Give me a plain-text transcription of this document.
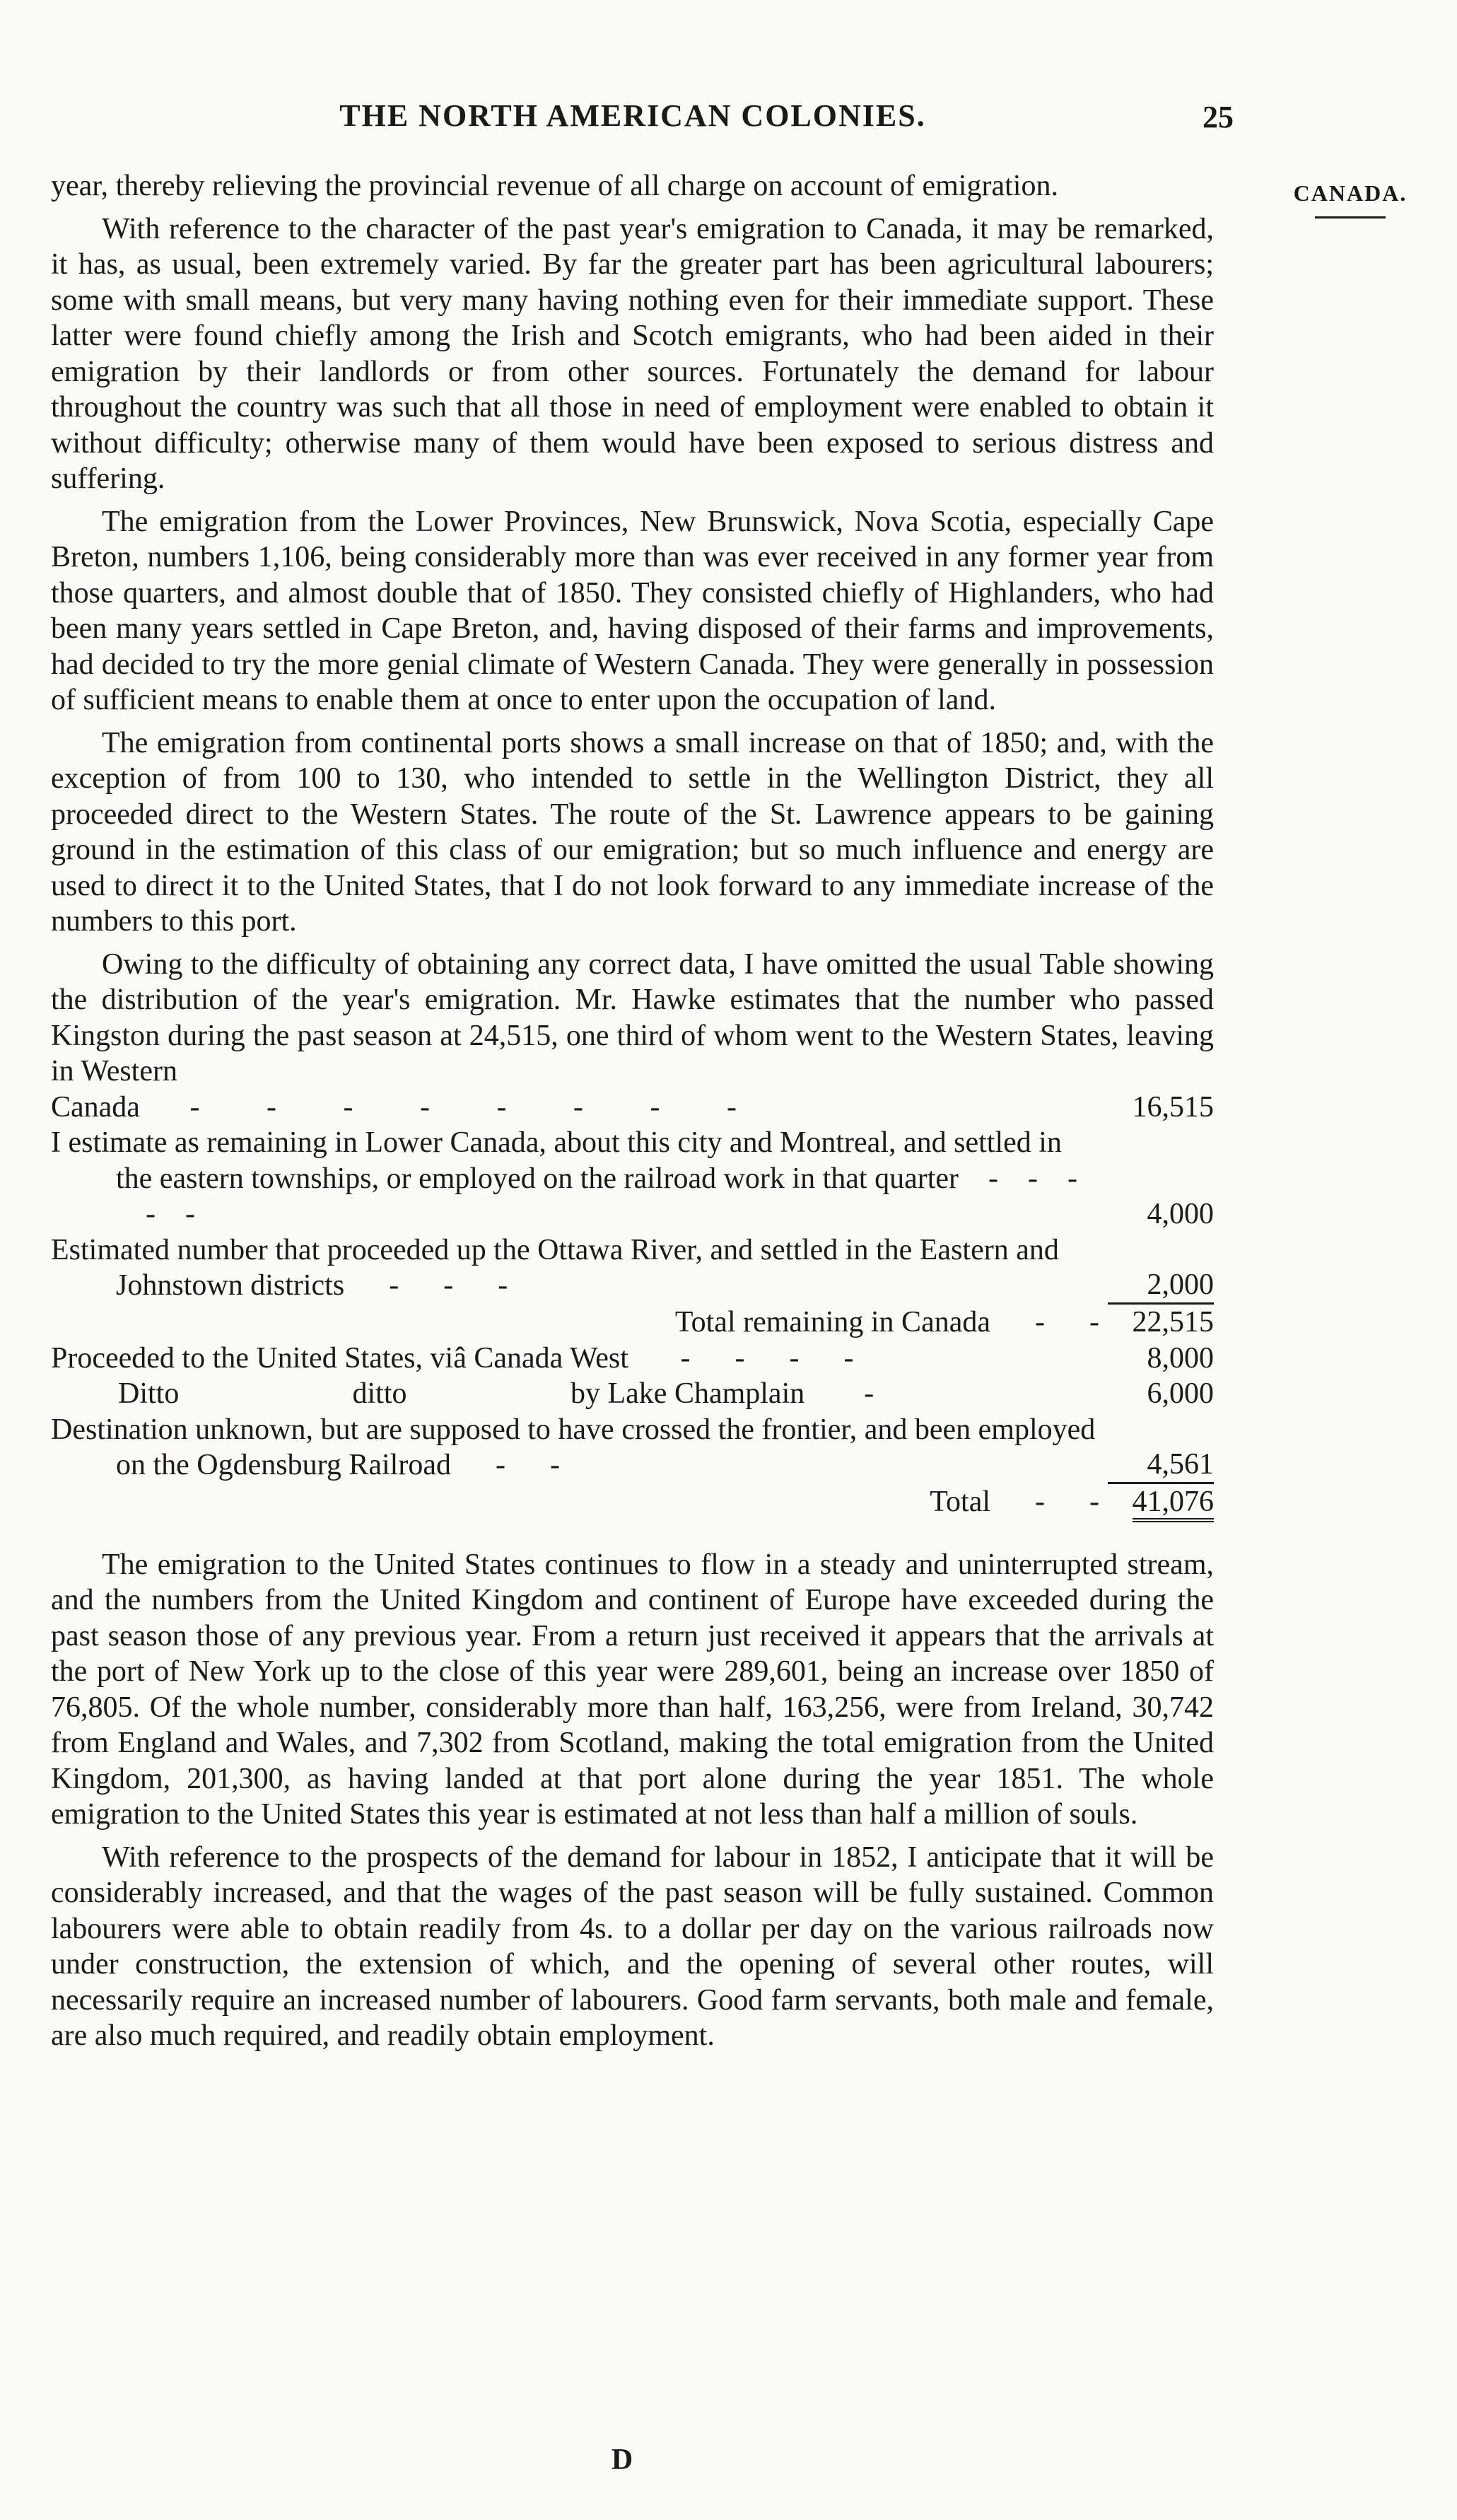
THE NORTH AMERICAN COLONIES.	25
CANADA.

year, thereby relieving the provincial revenue of all charge on account of emigration.

With reference to the character of the past year's emigration to Canada, it may be remarked, it has, as usual, been extremely varied. By far the greater part has been agricultural labourers; some with small means, but very many having nothing even for their immediate support. These latter were found chiefly among the Irish and Scotch emigrants, who had been aided in their emigration by their landlords or from other sources. Fortunately the demand for labour throughout the country was such that all those in need of employment were enabled to obtain it without difficulty; otherwise many of them would have been exposed to serious distress and suffering.

The emigration from the Lower Provinces, New Brunswick, Nova Scotia, especially Cape Breton, numbers 1,106, being considerably more than was ever received in any former year from those quarters, and almost double that of 1850. They consisted chiefly of Highlanders, who had been many years settled in Cape Breton, and, having disposed of their farms and improvements, had decided to try the more genial climate of Western Canada. They were generally in possession of sufficient means to enable them at once to enter upon the occupation of land.

The emigration from continental ports shows a small increase on that of 1850; and, with the exception of from 100 to 130, who intended to settle in the Wellington District, they all proceeded direct to the Western States. The route of the St. Lawrence appears to be gaining ground in the estimation of this class of our emigration; but so much influence and energy are used to direct it to the United States, that I do not look forward to any immediate increase of the numbers to this port.

Owing to the difficulty of obtaining any correct data, I have omitted the usual Table showing the distribution of the year's emigration. Mr. Hawke estimates that the number who passed Kingston during the past season at 24,515, one third of whom went to the Western States, leaving in Western

Canada - - - - - - - -	16,515

I estimate as remaining in Lower Canada, about this city and Montreal, and settled in the eastern townships, or employed on the railroad work in that quarter - - -    - -	4,000

Estimated number that proceeded up the Ottawa River, and settled in the Eastern and Johnstown districts - - -	2,000
Total remaining in Canada - -	22,515
Proceeded to the United States, viâ Canada West - - - -	8,000
Ditto ditto by Lake Champlain -	6,000

Destination unknown, but are supposed to have crossed the frontier, and been employed on the Ogdensburg Railroad - -	4,561
Total - -	41,076

The emigration to the United States continues to flow in a steady and uninterrupted stream, and the numbers from the United Kingdom and continent of Europe have exceeded during the past season those of any previous year. From a return just received it appears that the arrivals at the port of New York up to the close of this year were 289,601, being an increase over 1850 of 76,805. Of the whole number, considerably more than half, 163,256, were from Ireland, 30,742 from England and Wales, and 7,302 from Scotland, making the total emigration from the United Kingdom, 201,300, as having landed at that port alone during the year 1851. The whole emigration to the United States this year is estimated at not less than half a million of souls.

With reference to the prospects of the demand for labour in 1852, I anticipate that it will be considerably increased, and that the wages of the past season will be fully sustained. Common labourers were able to obtain readily from 4s. to a dollar per day on the various railroads now under construction, the extension of which, and the opening of several other routes, will necessarily require an increased number of labourers. Good farm servants, both male and female, are also much required, and readily obtain employment.

D
